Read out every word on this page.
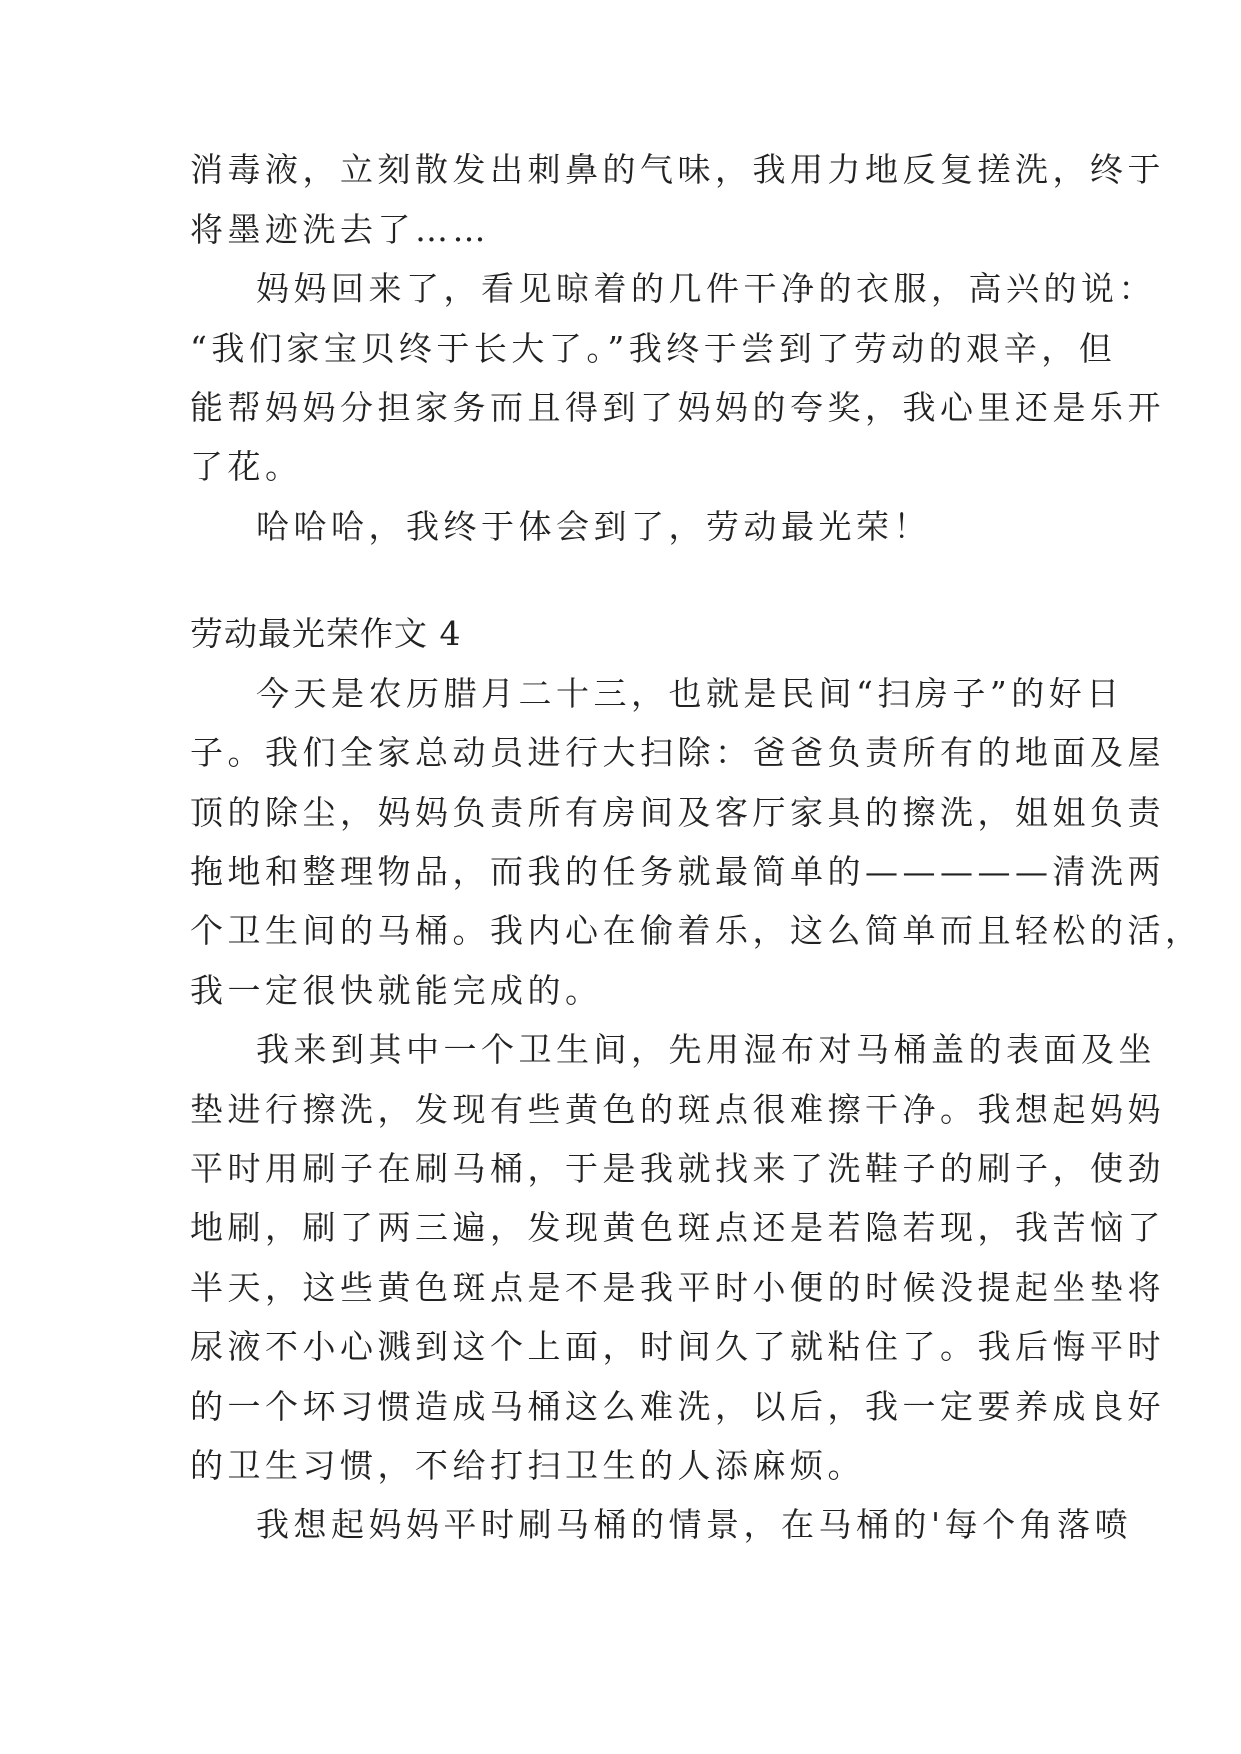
消毒液，立刻散发出刺鼻的气味，我用力地反复搓洗，终于

将墨迹洗去了……

妈妈回来了，看见晾着的几件干净的衣服，高兴的说：

“我们家宝贝终于长大了。”我终于尝到了劳动的艰辛，但

能帮妈妈分担家务而且得到了妈妈的夸奖，我心里还是乐开

了花。

哈哈哈，我终于体会到了，劳动最光荣！

劳动最光荣作文 4

今天是农历腊月二十三，也就是民间“扫房子”的好日

子。我们全家总动员进行大扫除：爸爸负责所有的地面及屋

顶的除尘，妈妈负责所有房间及客厅家具的擦洗，姐姐负责

拖地和整理物品，而我的任务就最简单的—————清洗两

个卫生间的马桶。我内心在偷着乐，这么简单而且轻松的活，

我一定很快就能完成的。

我来到其中一个卫生间，先用湿布对马桶盖的表面及坐

垫进行擦洗，发现有些黄色的斑点很难擦干净。我想起妈妈

平时用刷子在刷马桶，于是我就找来了洗鞋子的刷子，使劲

地刷，刷了两三遍，发现黄色斑点还是若隐若现，我苦恼了

半天，这些黄色斑点是不是我平时小便的时候没提起坐垫将

尿液不小心溅到这个上面，时间久了就粘住了。我后悔平时

的一个坏习惯造成马桶这么难洗，以后，我一定要养成良好

的卫生习惯，不给打扫卫生的人添麻烦。

我想起妈妈平时刷马桶的情景，在马桶的'每个角落喷
